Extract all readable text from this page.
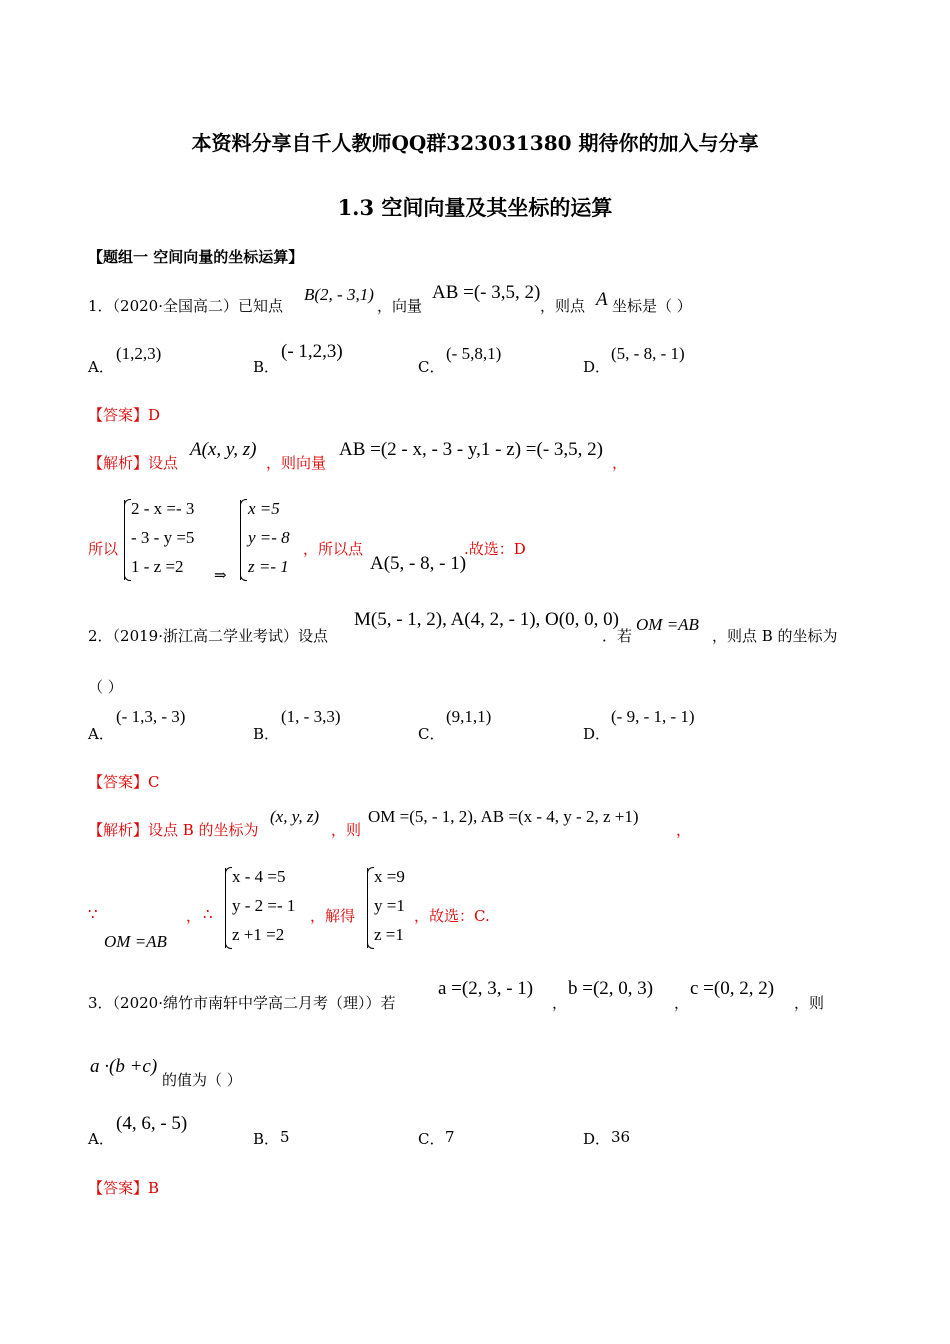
本资料分享自千人教师QQ群323031380 期待你的加入与分享
1.3 空间向量及其坐标的运算
【题组一 空间向量的坐标运算】
1．（2020·全国高二）已知点
B(2, - 3,1)
，向量
AB =(- 3,5, 2)
，则点 A 坐标是（ ）
A．
(1,2,3)
B．
(- 1,2,3)
C．
(- 5,8,1)
D．
(5, - 8, - 1)
【答案】D
【解析】设点
A(x, y, z)
，则向量
AB =(2 - x, - 3 - y,1 - z) =(- 3,5, 2)
，
所以
2 - x =- 3
- 3 - y =5
1 - z =2 ⇒
x =5
y =- 8
z =- 1
，所以点
A(5, - 8, - 1)
.故选：D
2．（2019·浙江高二学业考试）设点
M(5, - 1, 2), A(4, 2, - 1), O(0, 0, 0)
．若
OM =AB
，则点 B 的坐标为
（ ）
A．
(- 1,3, - 3)
B．
(1, - 3,3)
C．
(9,1,1)
D．
(- 9, - 1, - 1)
【答案】C
【解析】设点 B 的坐标为
(x, y, z)
，则
OM =(5, - 1, 2), AB =(x - 4, y - 2, z +1)
，
∵
OM =AB
， ∴
x - 4 =5
y - 2 =- 1
z +1 =2
，解得
x =9
y =1
z =1
，故选：C.
3．（2020·绵竹市南轩中学高二月考（理））若
a =(2, 3, - 1)
，
b =(2, 0, 3)
，
c =(0, 2, 2)
，则
a ·(b +c)
的值为（ ）
A．
(4, 6, - 5)
B． 5	C． 7	D． 36
【答案】B
